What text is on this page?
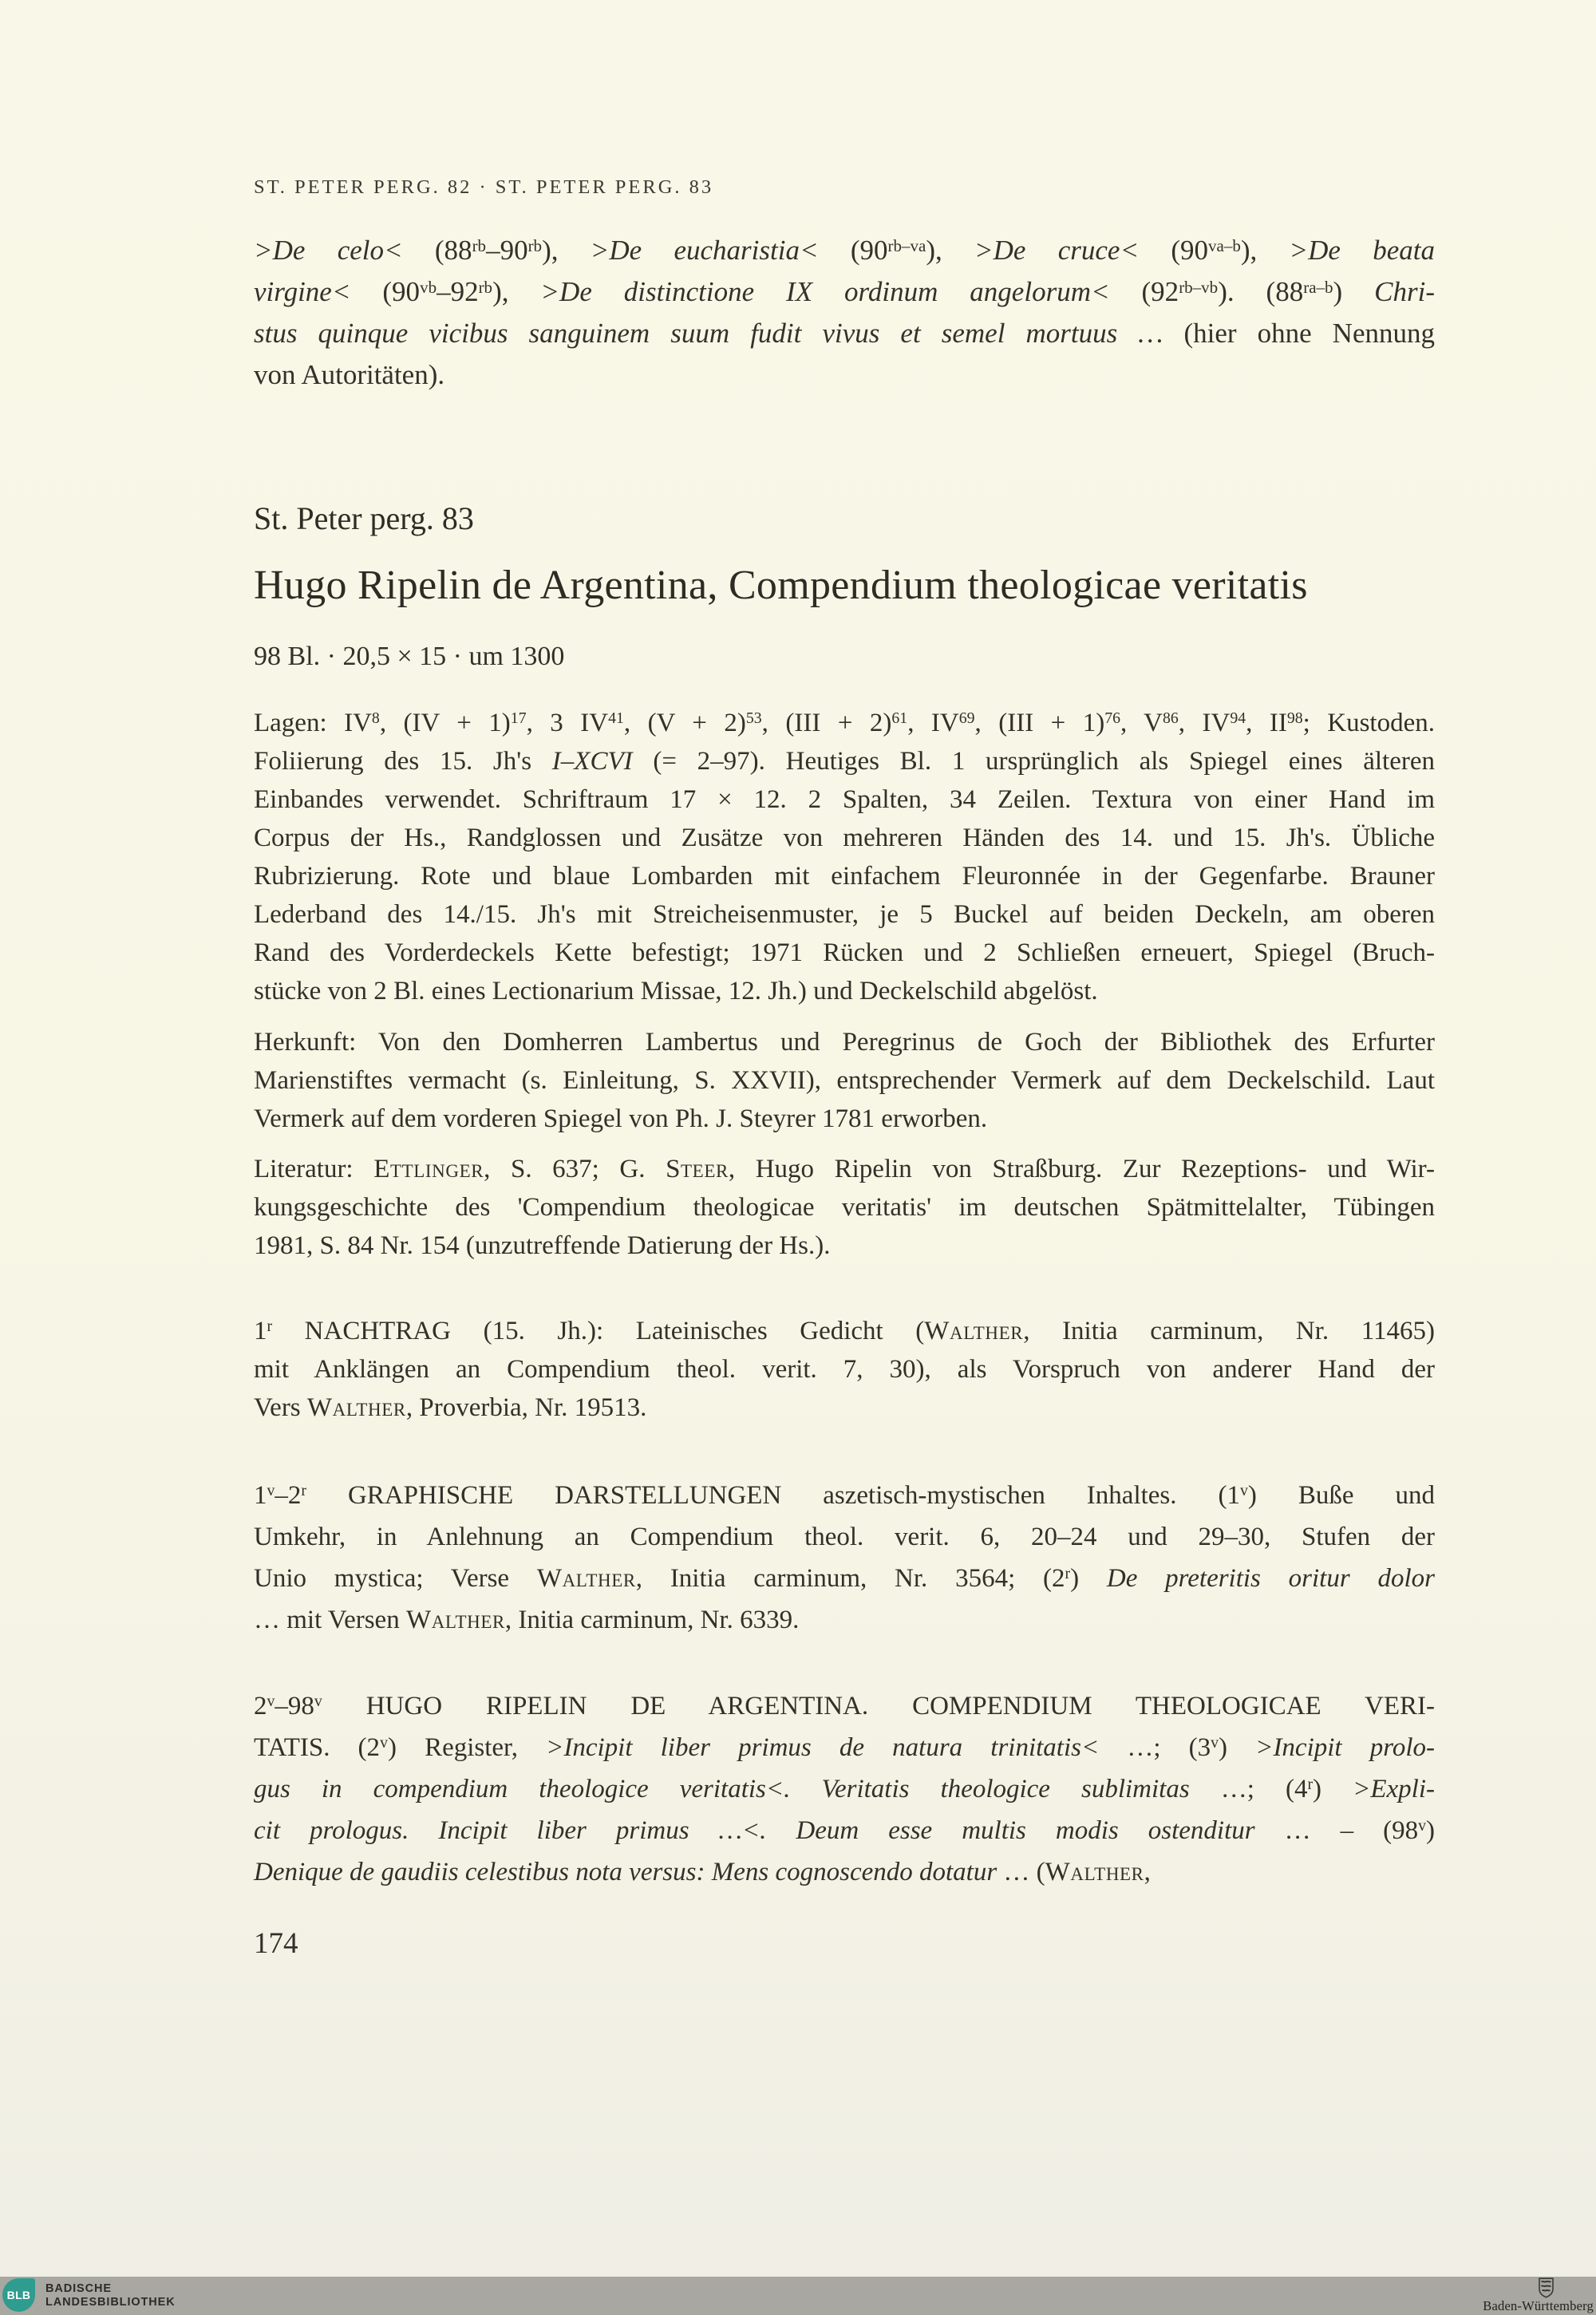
ST. PETER PERG. 82 · ST. PETER PERG. 83
>De celo< $(88^{rb}-90^{rb})$, >De eucharistia< $(90^{rb-va})$, >De cruce< $(90^{va-b})$, >De beata
virgine< $(90^{vb}-92^{rb})$, >De distinctione IX ordinum angelorum< $(92^{rb-vb})$. $(88^{ra-b})$ Chri-
stus quinque vicibus sanguinem suum fudit vivus et semel mortuus … (hier ohne Nennung
von Autoritäten).
St. Peter perg. 83
Hugo Ripelin de Argentina, Compendium theologicae veritatis
98 Bl. · 20,5 × 15 · um 1300
Lagen: $IV^8$, (IV + 1)$^{17}$, 3 IV$^{41}$, $(V + 2)^{53}$, (III + 2)$^{61}$, IV$^{69}$, (III + 1)$^{76}$, $V^{86}$, IV$^{94}$, II$^{98}$; Kustoden.
Foliierung des 15. Jh's I–XCVI (= 2–97). Heutiges Bl. 1 ursprünglich als Spiegel eines älteren
Einbandes verwendet. Schriftraum 17 × 12. 2 Spalten, 34 Zeilen. Textura von einer Hand im
Corpus der Hs., Randglossen und Zusätze von mehreren Händen des 14. und 15. Jh's. Übliche
Rubrizierung. Rote und blaue Lombarden mit einfachem Fleuronnée in der Gegenfarbe. Brauner
Lederband des 14./15. Jh's mit Streicheisenmuster, je 5 Buckel auf beiden Deckeln, am oberen
Rand des Vorderdeckels Kette befestigt; 1971 Rücken und 2 Schließen erneuert, Spiegel (Bruch-
stücke von 2 Bl. eines Lectionarium Missae, 12. Jh.) und Deckelschild abgelöst.
Herkunft: Von den Domherren Lambertus und Peregrinus de Goch der Bibliothek des Erfurter
Marienstiftes vermacht (s. Einleitung, S. XXVII), entsprechender Vermerk auf dem Deckelschild. Laut
Vermerk auf dem vorderen Spiegel von Ph. J. Steyrer 1781 erworben.
Literatur: Ettlinger, S. 637; G. Steer, Hugo Ripelin von Straßburg. Zur Rezeptions- und Wir-
kungsgeschichte des 'Compendium theologicae veritatis' im deutschen Spätmittelalter, Tübingen
1981, S. 84 Nr. 154 (unzutreffende Datierung der Hs.).
1$^r$ NACHTRAG (15. Jh.): Lateinisches Gedicht (Walther, Initia carminum, Nr. 11465)
mit Anklängen an Compendium theol. verit. 7, 30), als Vorspruch von anderer Hand der
Vers Walther, Proverbia, Nr. 19513.
1$^v$–2$^r$ GRAPHISCHE DARSTELLUNGEN aszetisch-mystischen Inhaltes. (1$^v$) Buße und
Umkehr, in Anlehnung an Compendium theol. verit. 6, 20–24 und 29–30, Stufen der
Unio mystica; Verse Walther, Initia carminum, Nr. 3564; (2$^r$) De preteritis oritur dolor
… mit Versen Walther, Initia carminum, Nr. 6339.
2$^v$–98$^v$ HUGO RIPELIN DE ARGENTINA. COMPENDIUM THEOLOGICAE VERI-
TATIS. (2$^v$) Register, >Incipit liber primus de natura trinitatis< …; $(3^v)$ >Incipit prolo-
gus in compendium theologice veritatis<. Veritatis theologice sublimitas …; $(4^r)$ >Expli-
cit prologus. Incipit liber primus …<. Deum esse multis modis ostenditur … – (98$^v$)
Denique de gaudiis celestibus nota versus: Mens cognoscendo dotatur … (Walther,
174
BLB BADISCHE
LANDESBIBLIOTHEK	Baden-Württemberg
